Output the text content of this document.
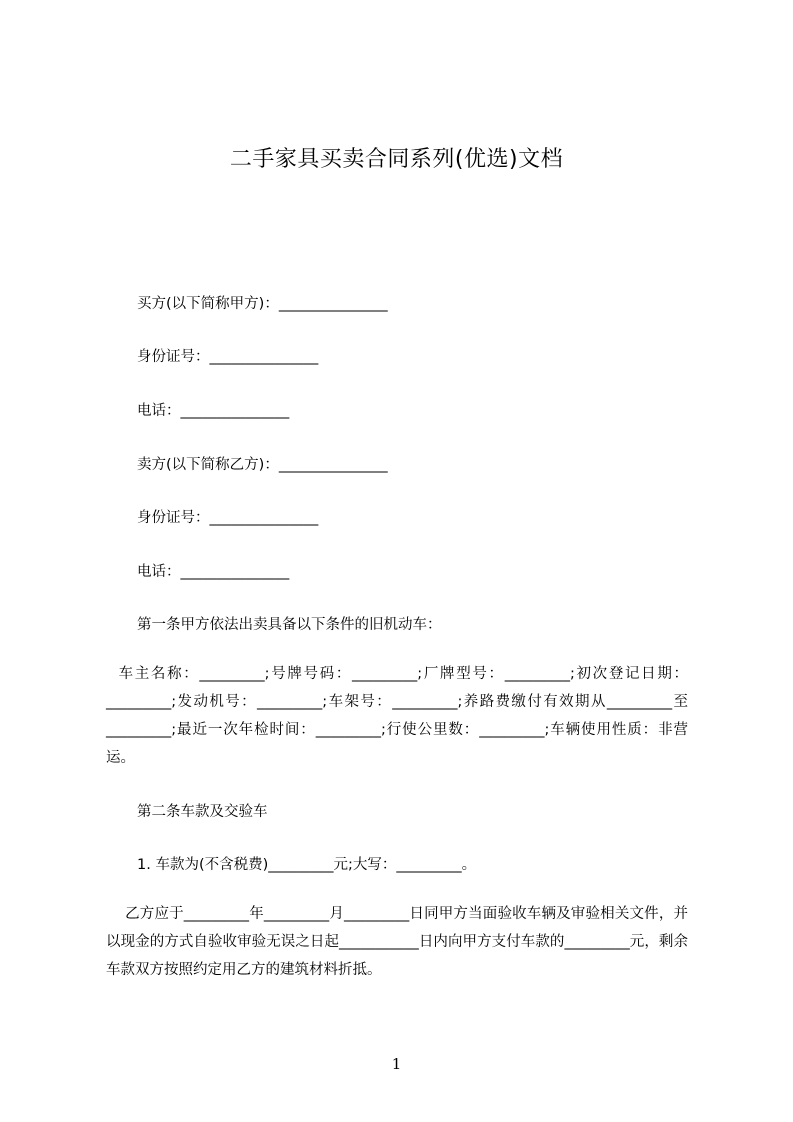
二手家具买卖合同系列(优选)文档
买方(以下简称甲方)：_______________
身份证号：_______________
电话：_______________
卖方(以下简称乙方)：_______________
身份证号：_______________
电话：_______________
第一条甲方依法出卖具备以下条件的旧机动车：
车主名称：_________;号牌号码：_________;厂牌型号：_________;初次登记日期：_________;发动机号：_________;车架号：_________;养路费缴付有效期从_________至_________;最近一次年检时间：_________;行使公里数：_________;车辆使用性质：非营运。
第二条车款及交验车
1. 车款为(不含税费)_________元;大写：_________。
乙方应于_________年_________月_________日同甲方当面验收车辆及审验相关文件，并以现金的方式自验收审验无误之日起___________日内向甲方支付车款的_________元，剩余车款双方按照约定用乙方的建筑材料折抵。
1
